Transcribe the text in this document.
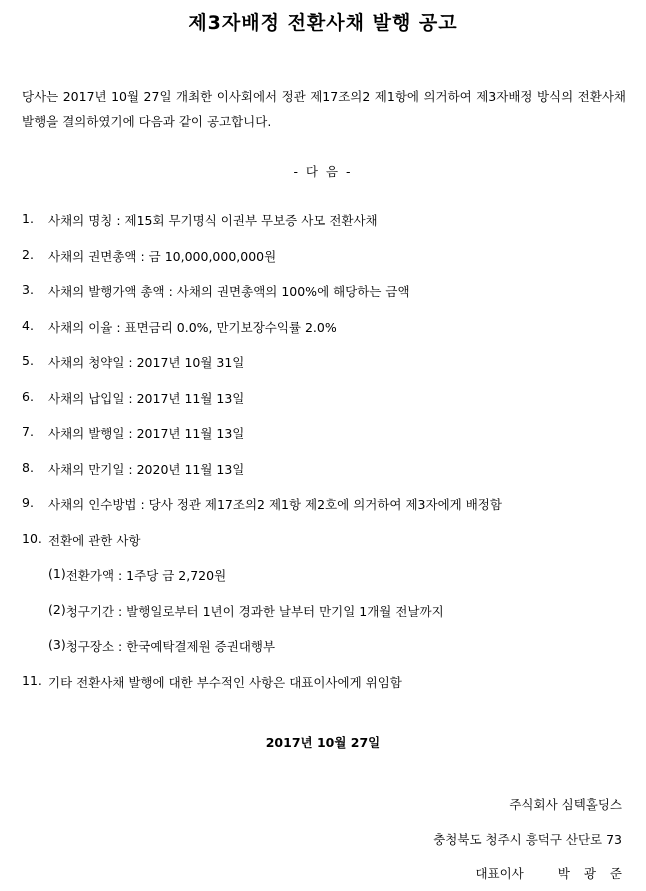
제3자배정 전환사채 발행 공고
당사는 2017년 10월 27일 개최한 이사회에서 정관 제17조의2 제1항에 의거하여 제3자배정 방식의 전환사채 발행을 결의하였기에 다음과 같이 공고합니다.
- 다 음 -
1.	사채의 명칭 : 제15회 무기명식 이권부 무보증 사모 전환사채
2.	사채의 권면총액 : 금 10,000,000,000원
3.	사채의 발행가액 총액 : 사채의 권면총액의 100%에 해당하는 금액
4.	사채의 이율 : 표면금리 0.0%, 만기보장수익률 2.0%
5.	사채의 청약일 : 2017년 10월 31일
6.	사채의 납입일 : 2017년 11월 13일
7.	사채의 발행일 : 2017년 11월 13일
8.	사채의 만기일 : 2020년 11월 13일
9.	사채의 인수방법 : 당사 정관 제17조의2 제1항 제2호에 의거하여 제3자에게 배정함
10. 전환에 관한 사항
(1) 전환가액 : 1주당 금 2,720원
(2) 청구기간 : 발행일로부터 1년이 경과한 날부터 만기일 1개월 전날까지
(3) 청구장소 : 한국예탁결제원 증권대행부
11. 기타 전환사채 발행에 대한 부수적인 사항은 대표이사에게 위임함
2017년 10월 27일
주식회사 심텍홀딩스
충청북도 청주시 흥덕구 산단로 73
대표이사	박광준
